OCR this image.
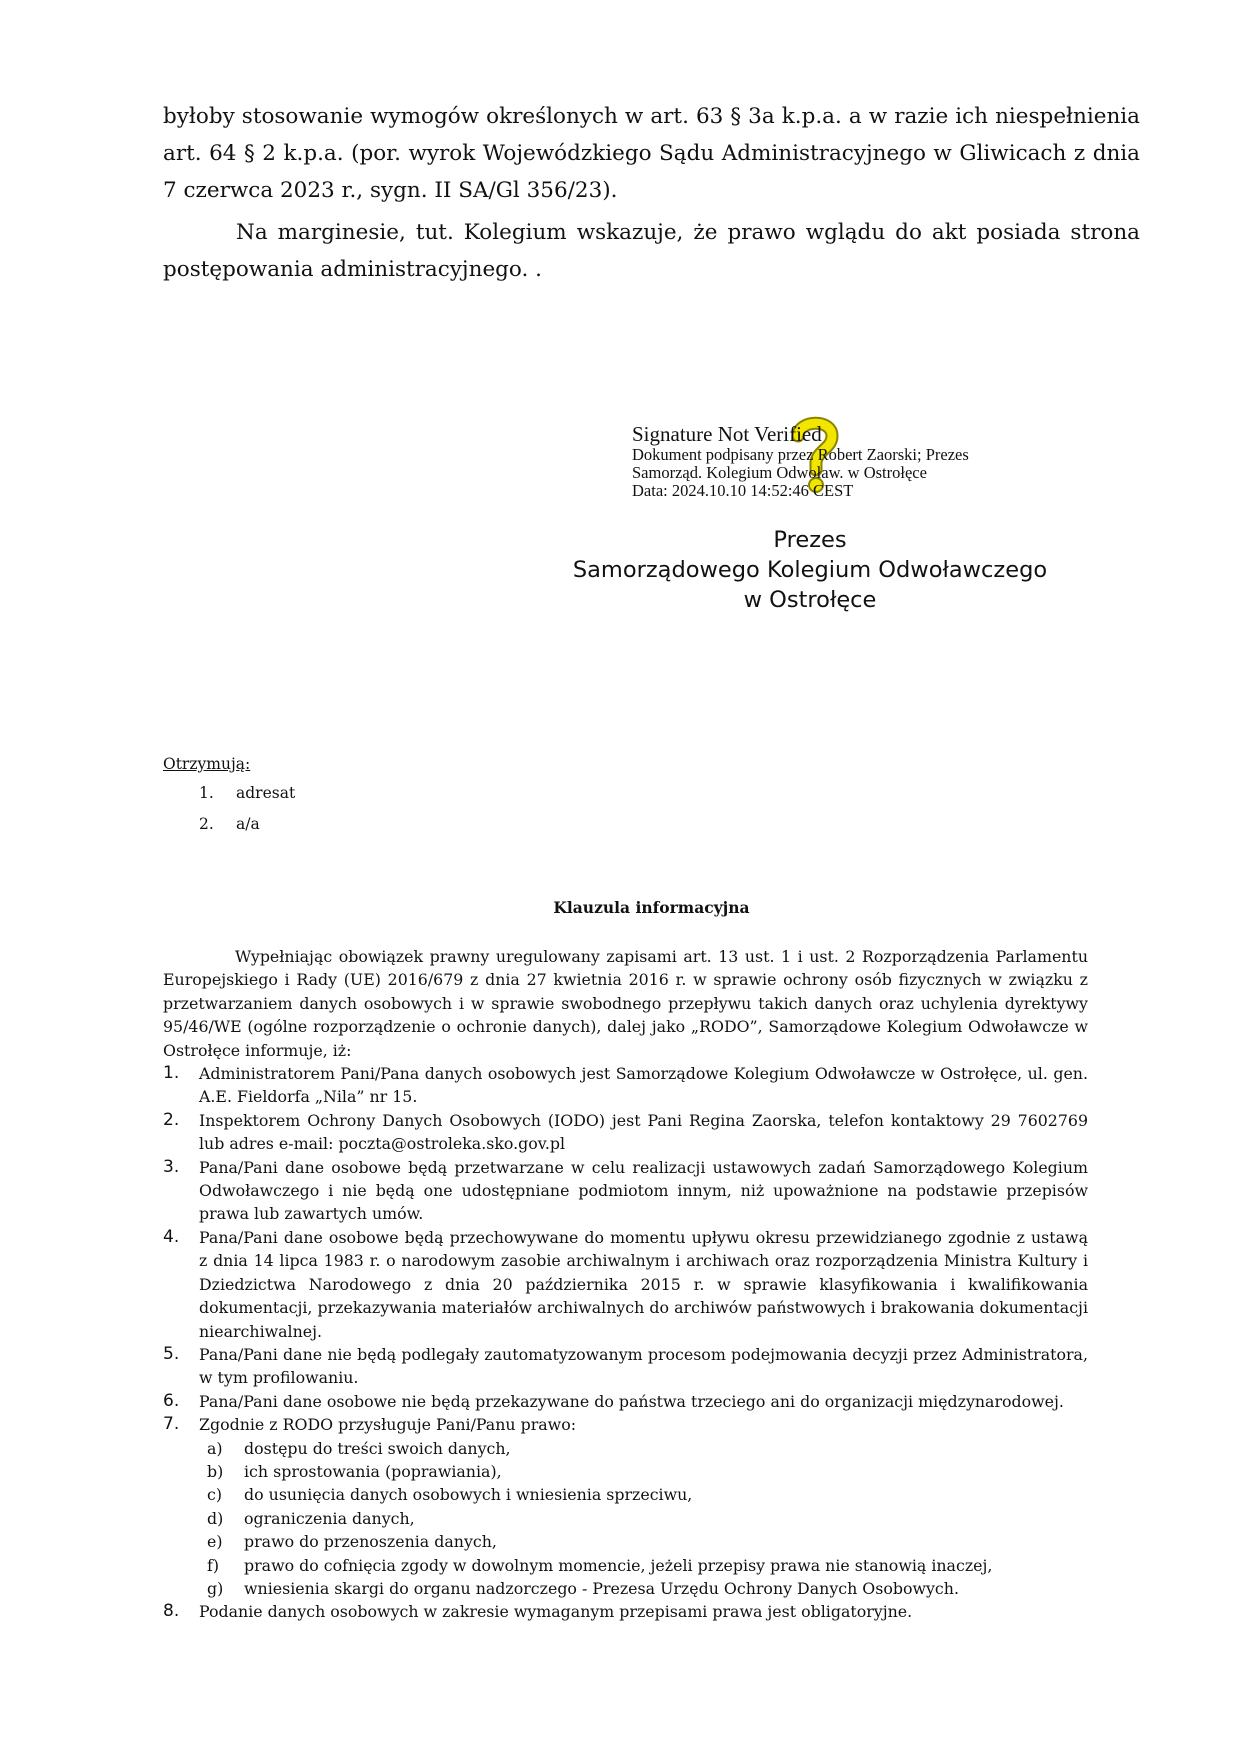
byłoby stosowanie wymogów określonych w art. 63 § 3a k.p.a. a w razie ich niespełnienia art. 64 § 2 k.p.a. (por. wyrok Wojewódzkiego Sądu Administracyjnego w Gliwicach z dnia 7 czerwca 2023 r., sygn. II SA/Gl 356/23).

Na marginesie, tut. Kolegium wskazuje, że prawo wglądu do akt posiada strona postępowania administracyjnego. .

Signature Not Verified
Dokument podpisany przez Robert Zaorski; Prezes
Samorząd. Kolegium Odwoław. w Ostrołęce
Data: 2024.10.10 14:52:46 CEST
Prezes
Samorządowego Kolegium Odwoławczego
w Ostrołęce
Otrzymują:
1. adresat
2. a/a
Klauzula informacyjna

Wypełniając obowiązek prawny uregulowany zapisami art. 13 ust. 1 i ust. 2 Rozporządzenia Parlamentu Europejskiego i Rady (UE) 2016/679 z dnia 27 kwietnia 2016 r. w sprawie ochrony osób fizycznych w związku z przetwarzaniem danych osobowych i w sprawie swobodnego przepływu takich danych oraz uchylenia dyrektywy 95/46/WE (ogólne rozporządzenie o ochronie danych), dalej jako „RODO”, Samorządowe Kolegium Odwoławcze w Ostrołęce informuje, iż:

1. Administratorem Pani/Pana danych osobowych jest Samorządowe Kolegium Odwoławcze w Ostrołęce, ul. gen. A.E. Fieldorfa „Nila” nr 15.
2. Inspektorem Ochrony Danych Osobowych (IODO) jest Pani Regina Zaorska, telefon kontaktowy 29 7602769 lub adres e-mail: poczta@ostroleka.sko.gov.pl
3. Pana/Pani dane osobowe będą przetwarzane w celu realizacji ustawowych zadań Samorządowego Kolegium Odwoławczego i nie będą one udostępniane podmiotom innym, niż upoważnione na podstawie przepisów prawa lub zawartych umów.
4. Pana/Pani dane osobowe będą przechowywane do momentu upływu okresu przewidzianego zgodnie z ustawą z dnia 14 lipca 1983 r. o narodowym zasobie archiwalnym i archiwach oraz rozporządzenia Ministra Kultury i Dziedzictwa Narodowego z dnia 20 października 2015 r. w sprawie klasyfikowania i kwalifikowania dokumentacji, przekazywania materiałów archiwalnych do archiwów państwowych i brakowania dokumentacji niearchiwalnej.
5. Pana/Pani dane nie będą podlegały zautomatyzowanym procesom podejmowania decyzji przez Administratora, w tym profilowaniu.
6. Pana/Pani dane osobowe nie będą przekazywane do państwa trzeciego ani do organizacji międzynarodowej.
7. Zgodnie z RODO przysługuje Pani/Panu prawo:
a) dostępu do treści swoich danych,
b) ich sprostowania (poprawiania),
c) do usunięcia danych osobowych i wniesienia sprzeciwu,
d) ograniczenia danych,
e) prawo do przenoszenia danych,
f) prawo do cofnięcia zgody w dowolnym momencie, jeżeli przepisy prawa nie stanowią inaczej,
g) wniesienia skargi do organu nadzorczego - Prezesa Urzędu Ochrony Danych Osobowych.
8. Podanie danych osobowych w zakresie wymaganym przepisami prawa jest obligatoryjne.
